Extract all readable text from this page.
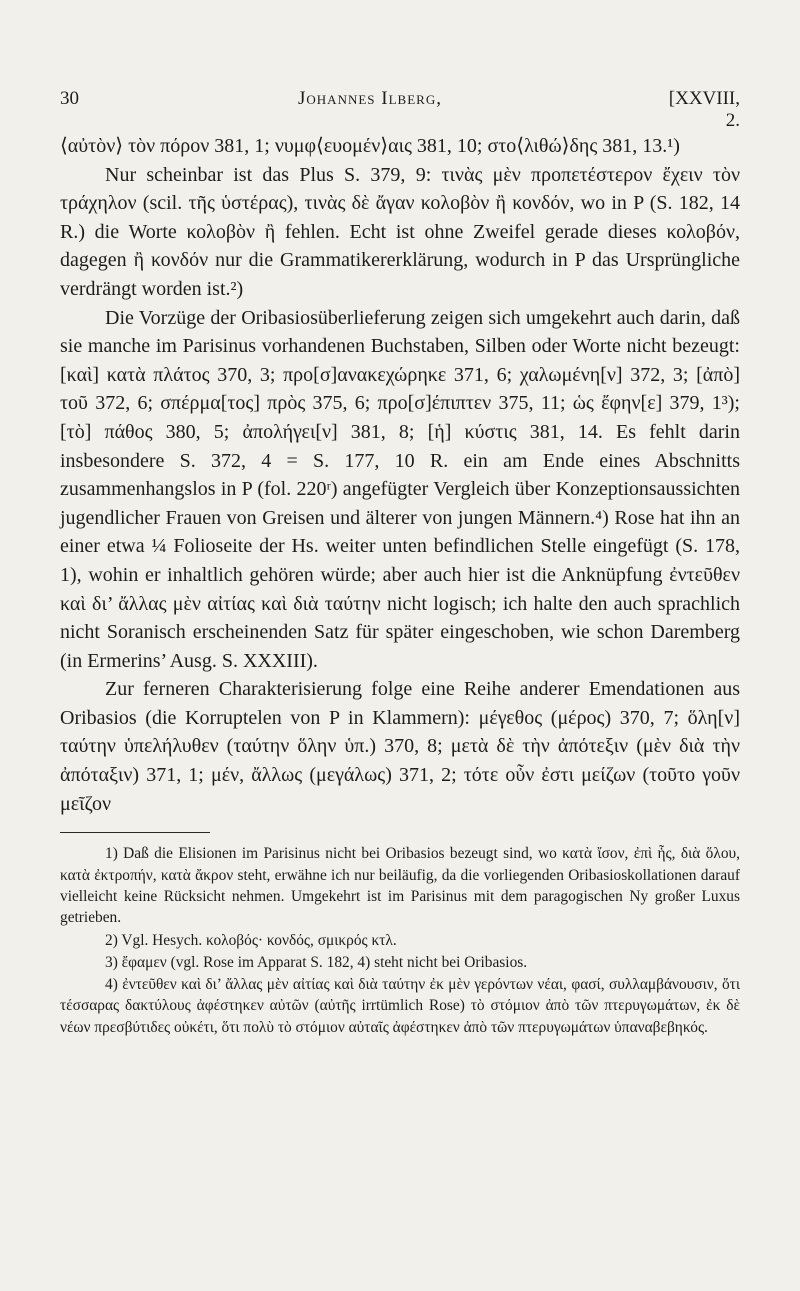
30	Johannes Ilberg,	[XXVIII, 2.

⟨αὐτὸν⟩ τὸν πόρον 381, 1; νυμφ⟨ευομέν⟩αις 381, 10; στο⟨λιθώ⟩δης 381, 13.¹)

Nur scheinbar ist das Plus S. 379, 9: τινὰς μὲν προπετέστερον ἔχειν τὸν τράχηλον (scil. τῆς ὑστέρας), τινὰς δὲ ἄγαν κολοβὸν ἢ κονδόν, wo in P (S. 182, 14 R.) die Worte κολοβὸν ἢ fehlen. Echt ist ohne Zweifel gerade dieses κολοβόν, dagegen ἢ κονδόν nur die Grammatikererklärung, wodurch in P das Ursprüngliche verdrängt worden ist.²)

Die Vorzüge der Oribasiosüberlieferung zeigen sich umgekehrt auch darin, daß sie manche im Parisinus vorhandenen Buchstaben, Silben oder Worte nicht bezeugt: [καὶ] κατὰ πλάτος 370, 3; προ[σ]ανακεχώρηκε 371, 6; χαλωμένη[ν] 372, 3; [ἀπὸ] τοῦ 372, 6; σπέρμα[τος] πρὸς 375, 6; προ[σ]έπιπτεν 375, 11; ὡς ἔφην[ε] 379, 1³); [τὸ] πάθος 380, 5; ἀπολήγει[ν] 381, 8; [ἡ] κύστις 381, 14. Es fehlt darin insbesondere S. 372, 4 = S. 177, 10 R. ein am Ende eines Abschnitts zusammenhangslos in P (fol. 220ʳ) angefügter Vergleich über Konzeptionsaussichten jugendlicher Frauen von Greisen und älterer von jungen Männern.⁴) Rose hat ihn an einer etwa ¼ Folioseite der Hs. weiter unten befindlichen Stelle eingefügt (S. 178, 1), wohin er inhaltlich gehören würde; aber auch hier ist die Anknüpfung ἐντεῦθεν καὶ δι’ ἄλλας μὲν αἰτίας καὶ διὰ ταύτην nicht logisch; ich halte den auch sprachlich nicht Soranisch erscheinenden Satz für später eingeschoben, wie schon Daremberg (in Ermerins’ Ausg. S. XXXIII).

Zur ferneren Charakterisierung folge eine Reihe anderer Emendationen aus Oribasios (die Korruptelen von P in Klammern): μέγεθος (μέρος) 370, 7; ὅλη[ν] ταύτην ὑπελήλυθεν (ταύτην ὅλην ὑπ.) 370, 8; μετὰ δὲ τὴν ἀπότεξιν (μὲν διὰ τὴν ἀπόταξιν) 371, 1; μέν, ἄλλως (μεγάλως) 371, 2; τότε οὖν ἐστι μείζων (τοῦτο γοῦν μεῖζον

1) Daß die Elisionen im Parisinus nicht bei Oribasios bezeugt sind, wo κατὰ ἴσον, ἐπὶ ἧς, διὰ ὅλου, κατὰ ἐκτροπήν, κατὰ ἄκρον steht, erwähne ich nur beiläufig, da die vorliegenden Oribasioskollationen darauf vielleicht keine Rücksicht nehmen. Umgekehrt ist im Parisinus mit dem paragogischen Ny großer Luxus getrieben.

2) Vgl. Hesych. κολοβός· κονδός, σμικρός κτλ.

3) ἔφαμεν (vgl. Rose im Apparat S. 182, 4) steht nicht bei Oribasios.

4) ἐντεῦθεν καὶ δι’ ἄλλας μὲν αἰτίας καὶ διὰ ταύτην ἐκ μὲν γερόντων νέαι, φασί, συλλαμβάνουσιν, ὅτι τέσσαρας δακτύλους ἀφέστηκεν αὐτῶν (αὐτῆς irrtümlich Rose) τὸ στόμιον ἀπὸ τῶν πτερυγωμάτων, ἐκ δὲ νέων πρεσβύτιδες οὐκέτι, ὅτι πολὺ τὸ στόμιον αὐταῖς ἀφέστηκεν ἀπὸ τῶν πτερυγωμάτων ὑπαναβεβηκός.
